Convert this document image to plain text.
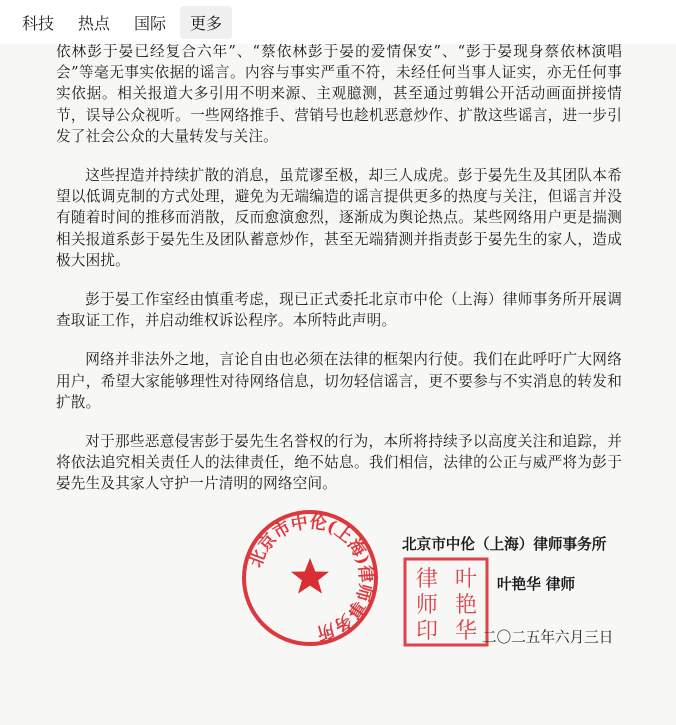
科技	热点	国际	更多

依林彭于晏已经复合六年”、“蔡依林彭于晏的爱情保安”、“彭于晏现身蔡依林演唱会”等毫无事实依据的谣言。内容与事实严重不符，未经任何当事人证实，亦无任何事实依据。相关报道大多引用不明来源、主观臆测，甚至通过剪辑公开活动画面拼接情节，误导公众视听。一些网络推手、营销号也趁机恶意炒作、扩散这些谣言，进一步引发了社会公众的大量转发与关注。

这些捏造并持续扩散的消息，虽荒谬至极，却三人成虎。彭于晏先生及其团队本希望以低调克制的方式处理，避免为无端编造的谣言提供更多的热度与关注，但谣言并没有随着时间的推移而消散，反而愈演愈烈，逐渐成为舆论热点。某些网络用户更是揣测相关报道系彭于晏先生及团队蓄意炒作，甚至无端猜测并指责彭于晏先生的家人，造成极大困扰。

彭于晏工作室经由慎重考虑，现已正式委托北京市中伦（上海）律师事务所开展调查取证工作，并启动维权诉讼程序。本所特此声明。

网络并非法外之地，言论自由也必须在法律的框架内行使。我们在此呼吁广大网络用户，希望大家能够理性对待网络信息，切勿轻信谣言，更不要参与不实消息的转发和扩散。

对于那些恶意侵害彭于晏先生名誉权的行为，本所将持续予以高度关注和追踪，并将依法追究相关责任人的法律责任，绝不姑息。我们相信，法律的公正与威严将为彭于晏先生及其家人守护一片清明的网络空间。

北京市中伦(上海)律师事务所
叶
艳
华
律
师
印
北京市中伦（上海）律师事务所
叶艳华 律师
二〇二五年六月三日
